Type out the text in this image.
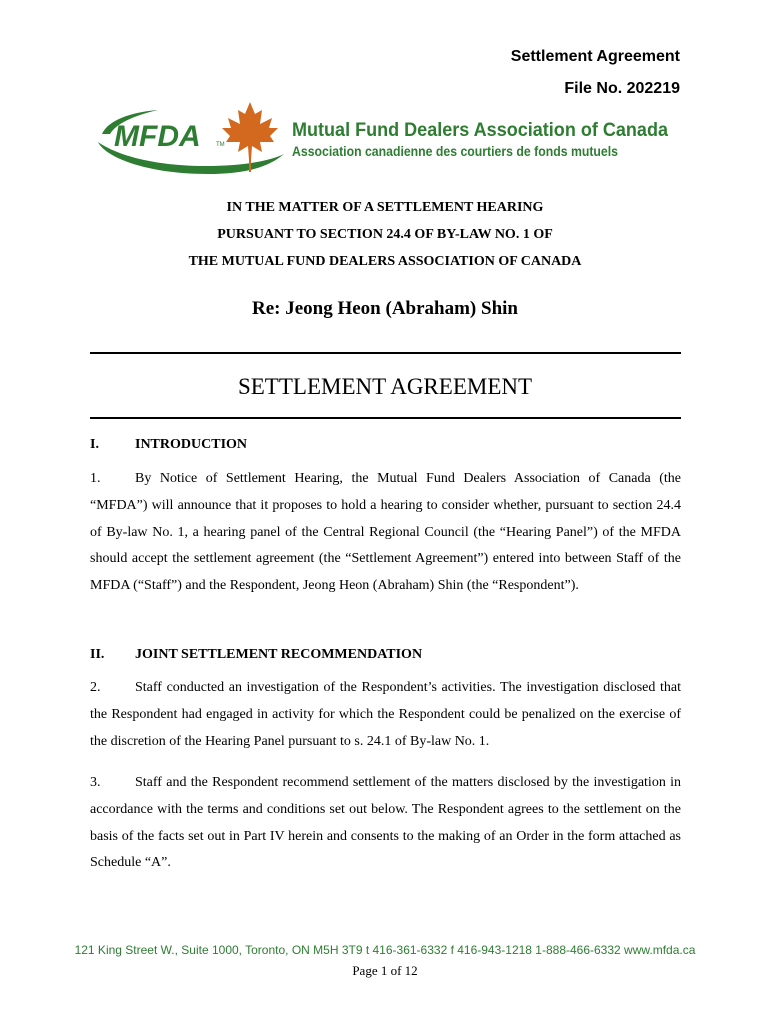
Settlement Agreement
File No. 202219
MFDA	TM
Mutual Fund Dealers Association of Canada
Association canadienne des courtiers de fonds mutuels
IN THE MATTER OF A SETTLEMENT HEARING
PURSUANT TO SECTION 24.4 OF BY-LAW NO. 1 OF
THE MUTUAL FUND DEALERS ASSOCIATION OF CANADA
Re: Jeong Heon (Abraham) Shin
SETTLEMENT AGREEMENT
I.	INTRODUCTION
1. By Notice of Settlement Hearing, the Mutual Fund Dealers Association of Canada (the “MFDA”) will announce that it proposes to hold a hearing to consider whether, pursuant to section 24.4 of By-law No. 1, a hearing panel of the Central Regional Council (the “Hearing Panel”) of the MFDA should accept the settlement agreement (the “Settlement Agreement”) entered into between Staff of the MFDA (“Staff”) and the Respondent, Jeong Heon (Abraham) Shin (the “Respondent”).
II. JOINT SETTLEMENT RECOMMENDATION
2. Staff conducted an investigation of the Respondent’s activities. The investigation disclosed that the Respondent had engaged in activity for which the Respondent could be penalized on the exercise of the discretion of the Hearing Panel pursuant to s. 24.1 of By-law No. 1.
3. Staff and the Respondent recommend settlement of the matters disclosed by the investigation in accordance with the terms and conditions set out below. The Respondent agrees to the settlement on the basis of the facts set out in Part IV herein and consents to the making of an Order in the form attached as Schedule “A”.
121 King Street W., Suite 1000, Toronto, ON M5H 3T9 t 416-361-6332 f 416-943-1218 1-888-466-6332 www.mfda.ca
Page 1 of 12
